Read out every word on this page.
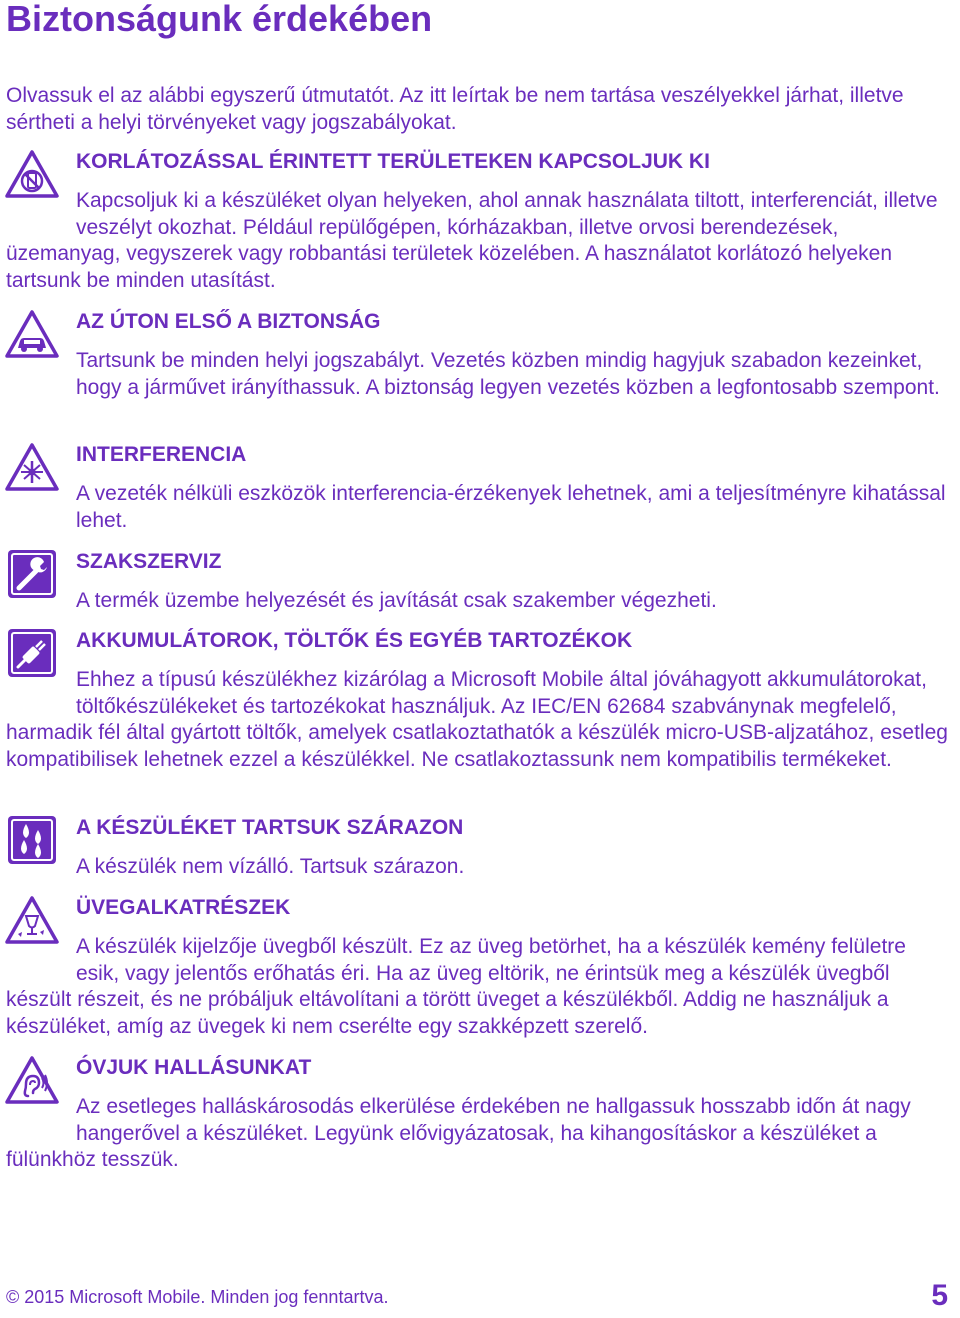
Biztonságunk érdekében

Olvassuk el az alábbi egyszerű útmutatót. Az itt leírtak be nem tartása veszélyekkel járhat, illetve sértheti a helyi törvényeket vagy jogszabályokat.

KORLÁTOZÁSSAL ÉRINTETT TERÜLETEKEN KAPCSOLJUK KI

Kapcsoljuk ki a készüléket olyan helyeken, ahol annak használata tiltott, interferenciát, illetve veszélyt okozhat. Például repülőgépen, kórházakban, illetve orvosi berendezések, üzemanyag, vegyszerek vagy robbantási területek közelében. A használatot korlátozó helyeken tartsunk be minden utasítást.

AZ ÚTON ELSŐ A BIZTONSÁG

Tartsunk be minden helyi jogszabályt. Vezetés közben mindig hagyjuk szabadon kezeinket, hogy a járművet irányíthassuk. A biztonság legyen vezetés közben a legfontosabb szempont.

INTERFERENCIA

A vezeték nélküli eszközök interferencia-érzékenyek lehetnek, ami a teljesítményre kihatással lehet.

SZAKSZERVIZ

A termék üzembe helyezését és javítását csak szakember végezheti.

AKKUMULÁTOROK, TÖLTŐK ÉS EGYÉB TARTOZÉKOK

Ehhez a típusú készülékhez kizárólag a Microsoft Mobile által jóváhagyott akkumulátorokat, töltőkészülékeket és tartozékokat használjuk. Az IEC/EN 62684 szabványnak megfelelő, harmadik fél által gyártott töltők, amelyek csatlakoztathatók a készülék micro-USB-aljzatához, esetleg kompatibilisek lehetnek ezzel a készülékkel. Ne csatlakoztassunk nem kompatibilis termékeket.

A KÉSZÜLÉKET TARTSUK SZÁRAZON

A készülék nem vízálló. Tartsuk szárazon.

ÜVEGALKATRÉSZEK

A készülék kijelzője üvegből készült. Ez az üveg betörhet, ha a készülék kemény felületre esik, vagy jelentős erőhatás éri. Ha az üveg eltörik, ne érintsük meg a készülék üvegből készült részeit, és ne próbáljuk eltávolítani a törött üveget a készülékből. Addig ne használjuk a készüléket, amíg az üvegek ki nem cserélte egy szakképzett szerelő.

ÓVJUK HALLÁSUNKAT

Az esetleges halláskárosodás elkerülése érdekében ne hallgassuk hosszabb időn át nagy hangerővel a készüléket. Legyünk elővigyázatosak, ha kihangosításkor a készüléket a fülünkhöz tesszük.

© 2015 Microsoft Mobile. Minden jog fenntartva.	5
